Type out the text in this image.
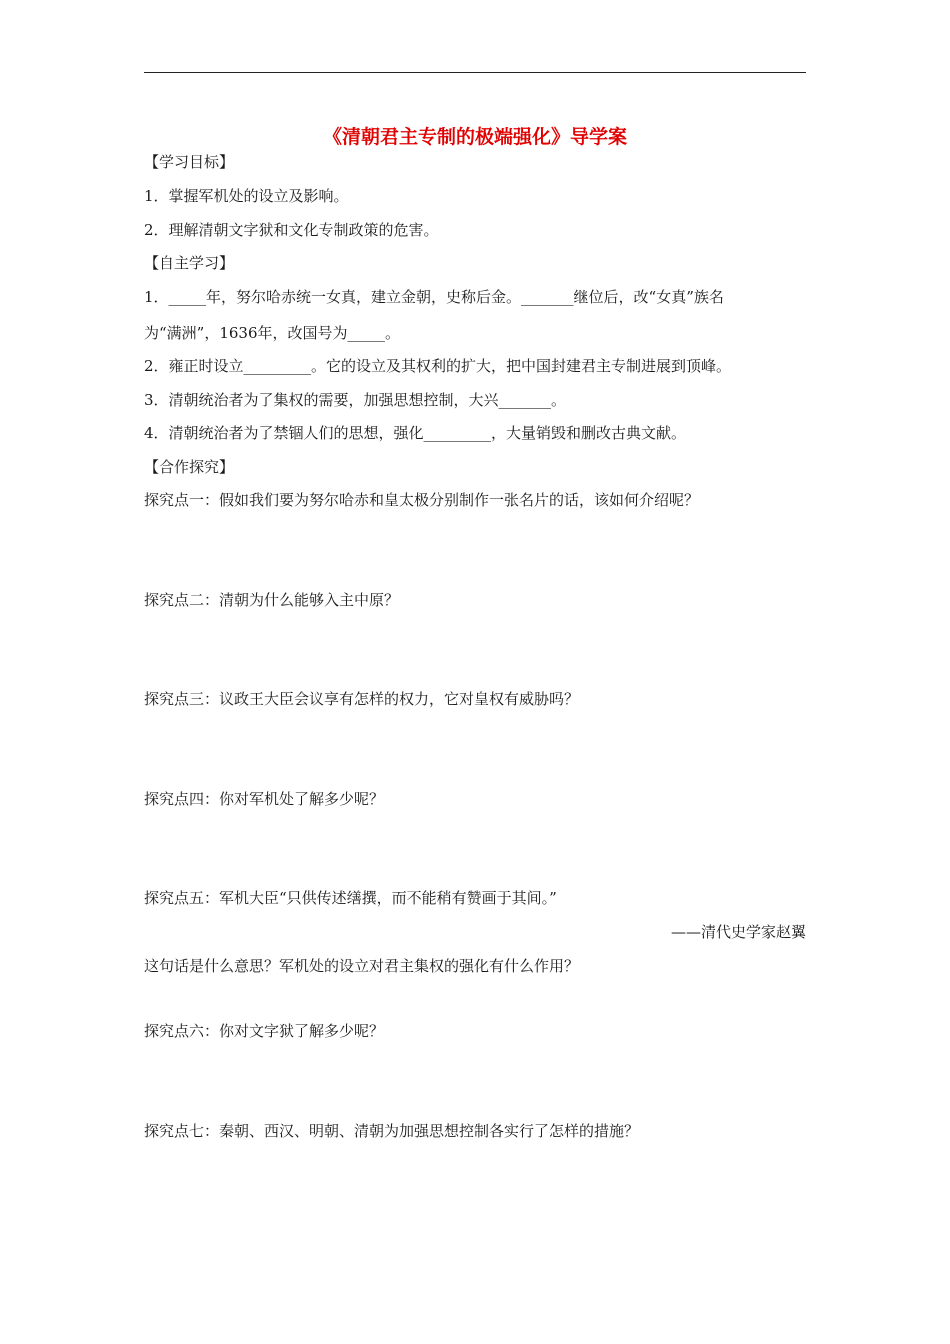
《清朝君主专制的极端强化》导学案
【学习目标】
1．掌握军机处的设立及影响。
2．理解清朝文字狱和文化专制政策的危害。
【自主学习】
1．_____年，努尔哈赤统一女真，建立金朝，史称后金。_______继位后，改“女真”族名
为“满洲”，1636年，改国号为_____。
2．雍正时设立_________。它的设立及其权利的扩大，把中国封建君主专制进展到顶峰。
3．清朝统治者为了集权的需要，加强思想控制，大兴_______。
4．清朝统治者为了禁锢人们的思想，强化_________，大量销毁和删改古典文献。
【合作探究】
探究点一：假如我们要为努尔哈赤和皇太极分别制作一张名片的话，该如何介绍呢？
探究点二：清朝为什么能够入主中原？
探究点三：议政王大臣会议享有怎样的权力，它对皇权有威胁吗？
探究点四：你对军机处了解多少呢？
探究点五：军机大臣“只供传述缮撰，而不能稍有赞画于其间。”
——清代史学家赵翼
这句话是什么意思？军机处的设立对君主集权的强化有什么作用？
探究点六：你对文字狱了解多少呢？
探究点七：秦朝、西汉、明朝、清朝为加强思想控制各实行了怎样的措施？
